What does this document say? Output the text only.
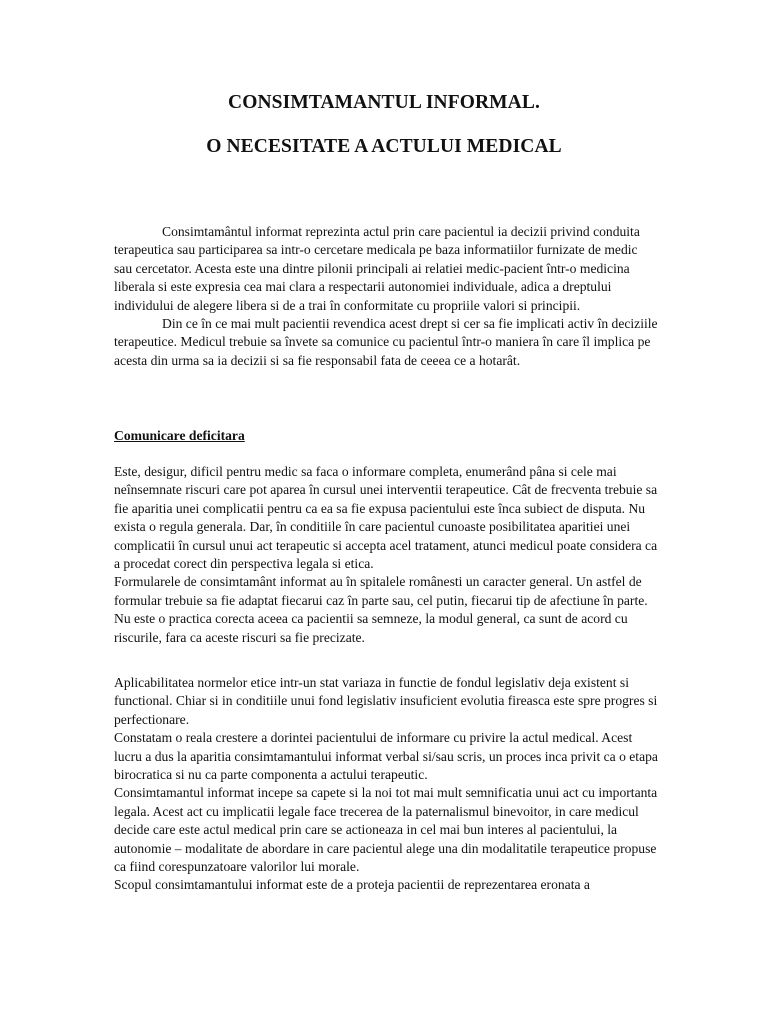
CONSIMTAMANTUL INFORMAL.
O NECESITATE A ACTULUI MEDICAL

Consimtamântul informat reprezinta actul prin care pacientul ia decizii privind conduita terapeutica sau participarea sa intr-o cercetare medicala pe baza informatiilor furnizate de medic sau cercetator. Acesta este una dintre pilonii principali ai relatiei medic-pacient într-o medicina liberala si este expresia cea mai clara a respectarii autonomiei individuale, adica a dreptului individului de alegere libera si de a trai în conformitate cu propriile valori si principii.

Din ce în ce mai mult pacientii revendica acest drept si cer sa fie implicati activ în deciziile terapeutice. Medicul trebuie sa învete sa comunice cu pacientul într-o maniera în care îl implica pe acesta din urma sa ia decizii si sa fie responsabil fata de ceeea ce a hotarât.

Comunicare deficitara

Este, desigur, dificil pentru medic sa faca o informare completa, enumerând pâna si cele mai neînsemnate riscuri care pot aparea în cursul unei interventii terapeutice. Cât de frecventa trebuie sa fie aparitia unei complicatii pentru ca ea sa fie expusa pacientului este înca subiect de disputa. Nu exista o regula generala. Dar, în conditiile în care pacientul cunoaste posibilitatea aparitiei unei complicatii în cursul unui act terapeutic si accepta acel tratament, atunci medicul poate considera ca a procedat corect din perspectiva legala si etica.

Formularele de consimtamânt informat au în spitalele românesti un caracter general. Un astfel de formular trebuie sa fie adaptat fiecarui caz în parte sau, cel putin, fiecarui tip de afectiune în parte. Nu este o practica corecta aceea ca pacientii sa semneze, la modul general, ca sunt de acord cu riscurile, fara ca aceste riscuri sa fie precizate.

Aplicabilitatea normelor etice intr-un stat variaza in functie de fondul legislativ deja existent si functional. Chiar si in conditiile unui fond legislativ insuficient evolutia fireasca este spre progres si perfectionare.

Constatam o reala crestere a dorintei pacientului de informare cu privire la actul medical. Acest lucru a dus la aparitia consimtamantului informat verbal si/sau scris, un proces inca privit ca o etapa birocratica si nu ca parte componenta a actului terapeutic.

Consimtamantul informat incepe sa capete si la noi tot mai mult semnificatia unui act cu importanta legala. Acest act cu implicatii legale face trecerea de la paternalismul binevoitor, in care medicul decide care este actul medical prin care se actioneaza in cel mai bun interes al pacientului, la autonomie – modalitate de abordare in care pacientul alege una din modalitatile terapeutice propuse ca fiind corespunzatoare valorilor lui morale.

Scopul consimtamantului informat este de a proteja pacientii de reprezentarea eronata a
